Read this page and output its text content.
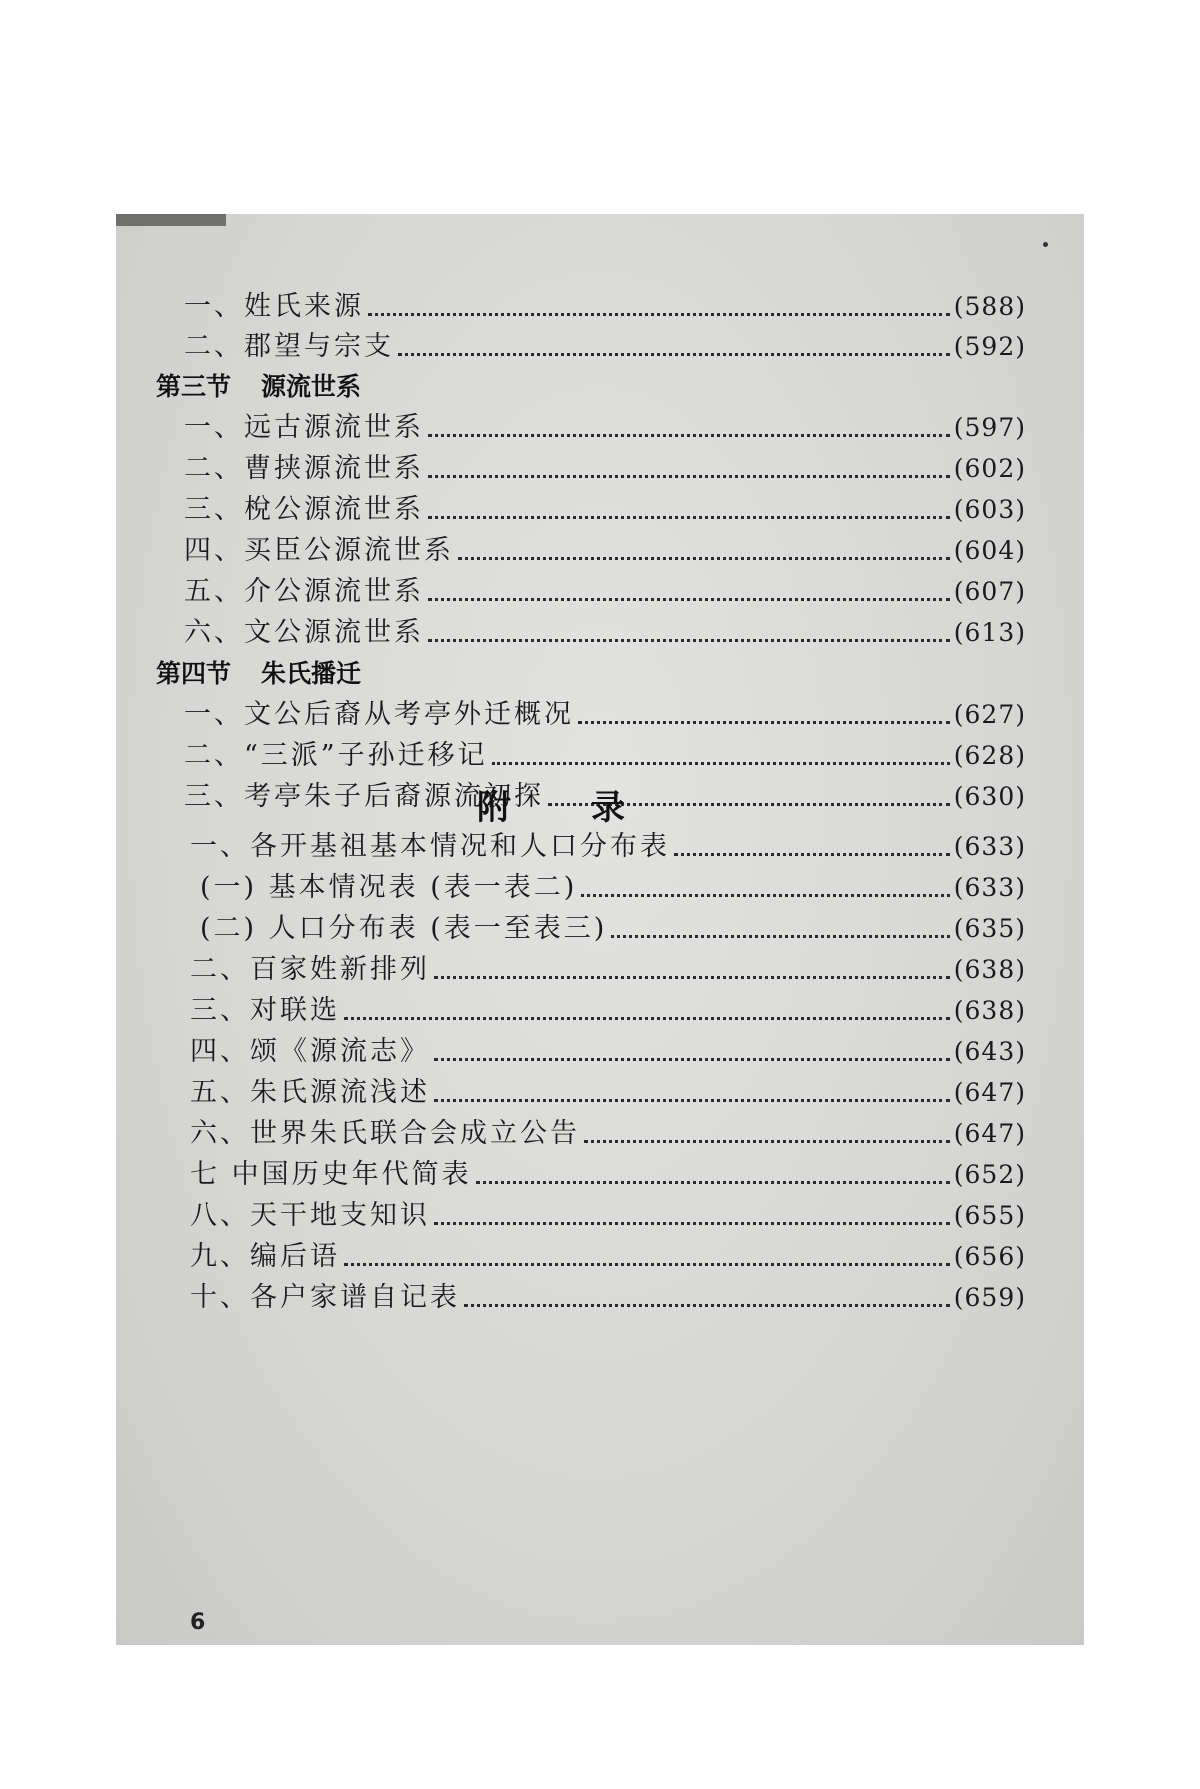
一、姓氏来源	(588)
二、郡望与宗支	(592)
第三节 源流世系
一、远古源流世系	(597)
二、曹挟源流世系	(602)
三、梲公源流世系	(603)
四、买臣公源流世系	(604)
五、介公源流世系	(607)
六、文公源流世系	(613)
第四节 朱氏播迁
一、文公后裔从考亭外迁概况	(627)
二、“三派”子孙迁移记	(628)
三、考亭朱子后裔源流初探	(630)
附录
一、各开基祖基本情况和人口分布表	(633)
(一) 基本情况表 (表一表二)	(633)
(二) 人口分布表 (表一至表三)	(635)
二、百家姓新排列	(638)
三、对联选	(638)
四、颂《源流志》	(643)
五、朱氏源流浅述	(647)
六、世界朱氏联合会成立公告	(647)
七 中国历史年代简表	(652)
八、天干地支知识	(655)
九、编后语	(656)
十、各户家谱自记表	(659)
6
